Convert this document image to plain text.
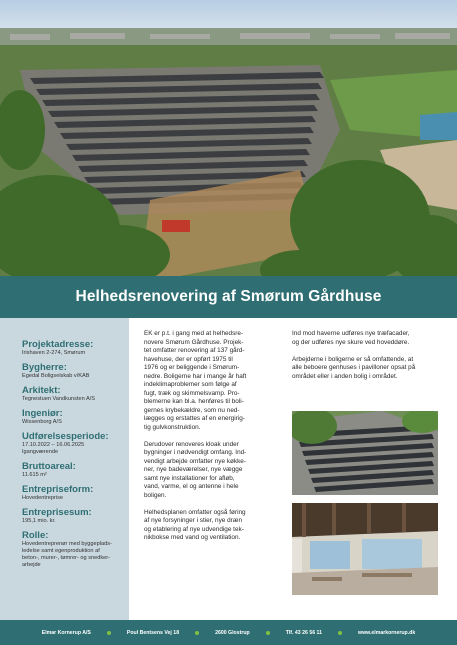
Helhedsrenovering af Smørum Gårdhuse
Projektadresse:
Irishaven 2-274, Smørum
Bygherre:
Egedal Boligselskab v/KAB
Arkitekt:
Tegnestuen Vandkunsten A/S
Ingeniør:
Wissenborg A/S
Udførelsesperiode:
17.10.2022 – 16.06.2025
Igangværende
Bruttoareal:
11.615 m²
Entrepriseform:
Hovedentreprise
Entreprisesum:
195,1 mio. kr.
Rolle:
Hovedentreprenør med byggeplads-
ledelse samt egenproduktion af
beton-, murer-, tømrer- og snedker-
arbejde

EK er p.t. i gang med at helhedsre-
novere Smørum Gårdhuse. Projek-
tet omfatter renovering af 137 gård-
havehuse, der er opført 1975 til
1976 og er beliggende i Smørum-
nedre. Boligerne har i mange år haft
indeklimaproblemer som følge af
fugt, træk og skimmelsvamp. Pro-
blemerne kan bl.a. henføres til boli-
gernes krybekældre, som nu ned-
lægges og erstattes af en energirig-
tig gulvkonstruktion.

Derudover renoveres kloak under
bygninger i nødvendigt omfang. Ind-
vendigt arbejde omfatter nye køkke-
ner, nye badeværelser, nye vægge
samt nye installationer for afløb,
vand, varme, el og antenne i hele
boligen.

Helhedsplanen omfatter også føring
af nye forsyninger i stier, nye dræn
og etablering af nye udvendige tek-
nikbokse med vand og ventilation.

Ind mod haverne udføres nye træfacader,
og der udføres nye skure ved hoveddøre.

Arbejderne i boligerne er så omfattende, at
alle beboere genhuses i pavilloner opsat på
området eller i anden bolig i området.

Elmar Kornerup A/S	Poul Bentsens Vej 18	2600 Glostrup	Tlf. 43 26 56 11	www.elmarkornerup.dk
